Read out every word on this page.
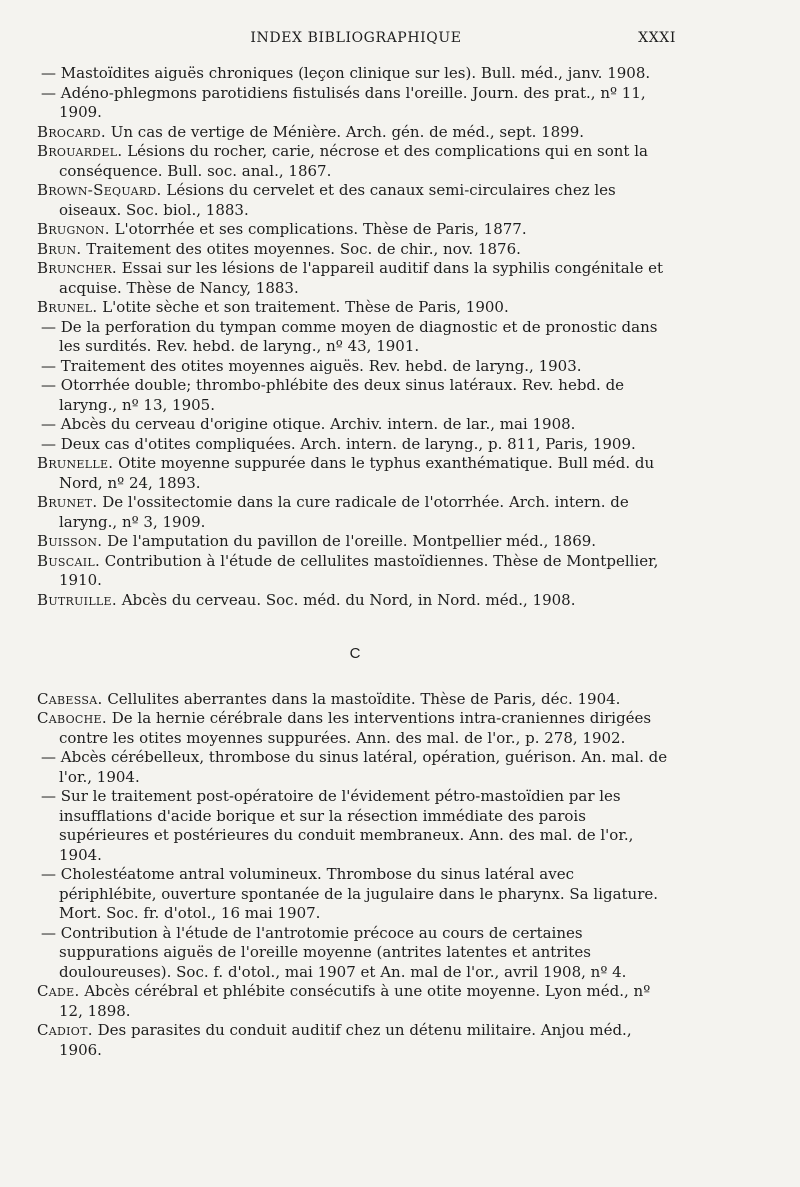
INDEX BIBLIOGRAPHIQUE	XXXI
— Mastoïdites aiguës chroniques (leçon clinique sur les). Bull. méd., janv. 1908.
— Adéno-phlegmons parotidiens fistulisés dans l'oreille. Journ. des prat., nº 11, 1909.
Brocard. Un cas de vertige de Ménière. Arch. gén. de méd., sept. 1899.
Brouardel. Lésions du rocher, carie, nécrose et des complications qui en sont la conséquence. Bull. soc. anal., 1867.
Brown-Sequard. Lésions du cervelet et des canaux semi-circulaires chez les oiseaux. Soc. biol., 1883.
Brugnon. L'otorrhée et ses complications. Thèse de Paris, 1877.
Brun. Traitement des otites moyennes. Soc. de chir., nov. 1876.
Bruncher. Essai sur les lésions de l'appareil auditif dans la syphilis congénitale et acquise. Thèse de Nancy, 1883.
Brunel. L'otite sèche et son traitement. Thèse de Paris, 1900.
— De la perforation du tympan comme moyen de diagnostic et de pronostic dans les surdités. Rev. hebd. de laryng., nº 43, 1901.
— Traitement des otites moyennes aiguës. Rev. hebd. de laryng., 1903.
— Otorrhée double; thrombo-phlébite des deux sinus latéraux. Rev. hebd. de laryng., nº 13, 1905.
— Abcès du cerveau d'origine otique. Archiv. intern. de lar., mai 1908.
— Deux cas d'otites compliquées. Arch. intern. de laryng., p. 811, Paris, 1909.
Brunelle. Otite moyenne suppurée dans le typhus exanthématique. Bull méd. du Nord, nº 24, 1893.
Brunet. De l'ossitectomie dans la cure radicale de l'otorrhée. Arch. intern. de laryng., nº 3, 1909.
Buisson. De l'amputation du pavillon de l'oreille. Montpellier méd., 1869.
Buscail. Contribution à l'étude de cellulites mastoïdiennes. Thèse de Montpellier, 1910.
Butruille. Abcès du cerveau. Soc. méd. du Nord, in Nord. méd., 1908.
C
Cabessa. Cellulites aberrantes dans la mastoïdite. Thèse de Paris, déc. 1904.
Caboche. De la hernie cérébrale dans les interventions intra-craniennes dirigées contre les otites moyennes suppurées. Ann. des mal. de l'or., p. 278, 1902.
— Abcès cérébelleux, thrombose du sinus latéral, opération, guérison. An. mal. de l'or., 1904.
— Sur le traitement post-opératoire de l'évidement pétro-mastoïdien par les insufflations d'acide borique et sur la résection immédiate des parois supérieures et postérieures du conduit membraneux. Ann. des mal. de l'or., 1904.
— Cholestéatome antral volumineux. Thrombose du sinus latéral avec périphlébite, ouverture spontanée de la jugulaire dans le pharynx. Sa ligature. Mort. Soc. fr. d'otol., 16 mai 1907.
— Contribution à l'étude de l'antrotomie précoce au cours de certaines suppurations aiguës de l'oreille moyenne (antrites latentes et antrites douloureuses). Soc. f. d'otol., mai 1907 et An. mal de l'or., avril 1908, nº 4.
Cade. Abcès cérébral et phlébite consécutifs à une otite moyenne. Lyon méd., nº 12, 1898.
Cadiot. Des parasites du conduit auditif chez un détenu militaire. Anjou méd., 1906.
